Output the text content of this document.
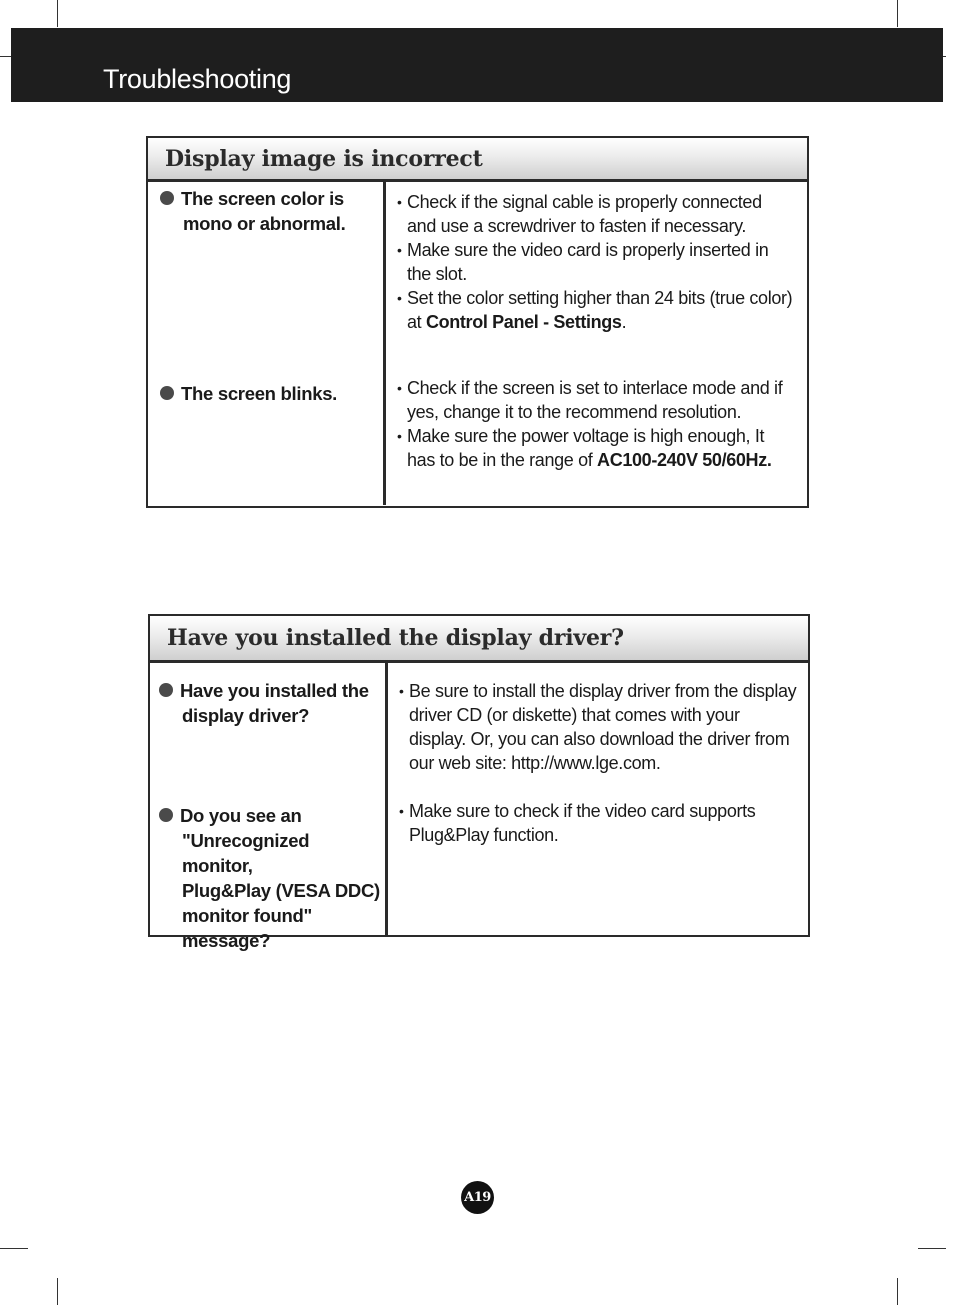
Troubleshooting
Display image is incorrect
The screen color is
mono or abnormal.
• Check if the signal cable is properly connected
and use a screwdriver to fasten if necessary.
• Make sure the video card is properly inserted in
the slot.
• Set the color setting higher than 24 bits (true color)
at Control Panel - Settings.
The screen blinks.	• Check if the screen is set to interlace mode and if
yes, change it to the recommend resolution.
• Make sure the power voltage is high enough, It
has to be in the range of AC100-240V 50/60Hz.
Have you installed the display driver?
Have you installed the
display driver?
• Be sure to install the display driver from the display
driver CD (or diskette) that comes with your
display. Or, you can also download the driver from
our web site: http://www.lge.com.
Do you see an
"Unrecognized monitor,
Plug&Play (VESA DDC)
monitor found"
message?
• Make sure to check if the video card supports
Plug&Play function.
A19
